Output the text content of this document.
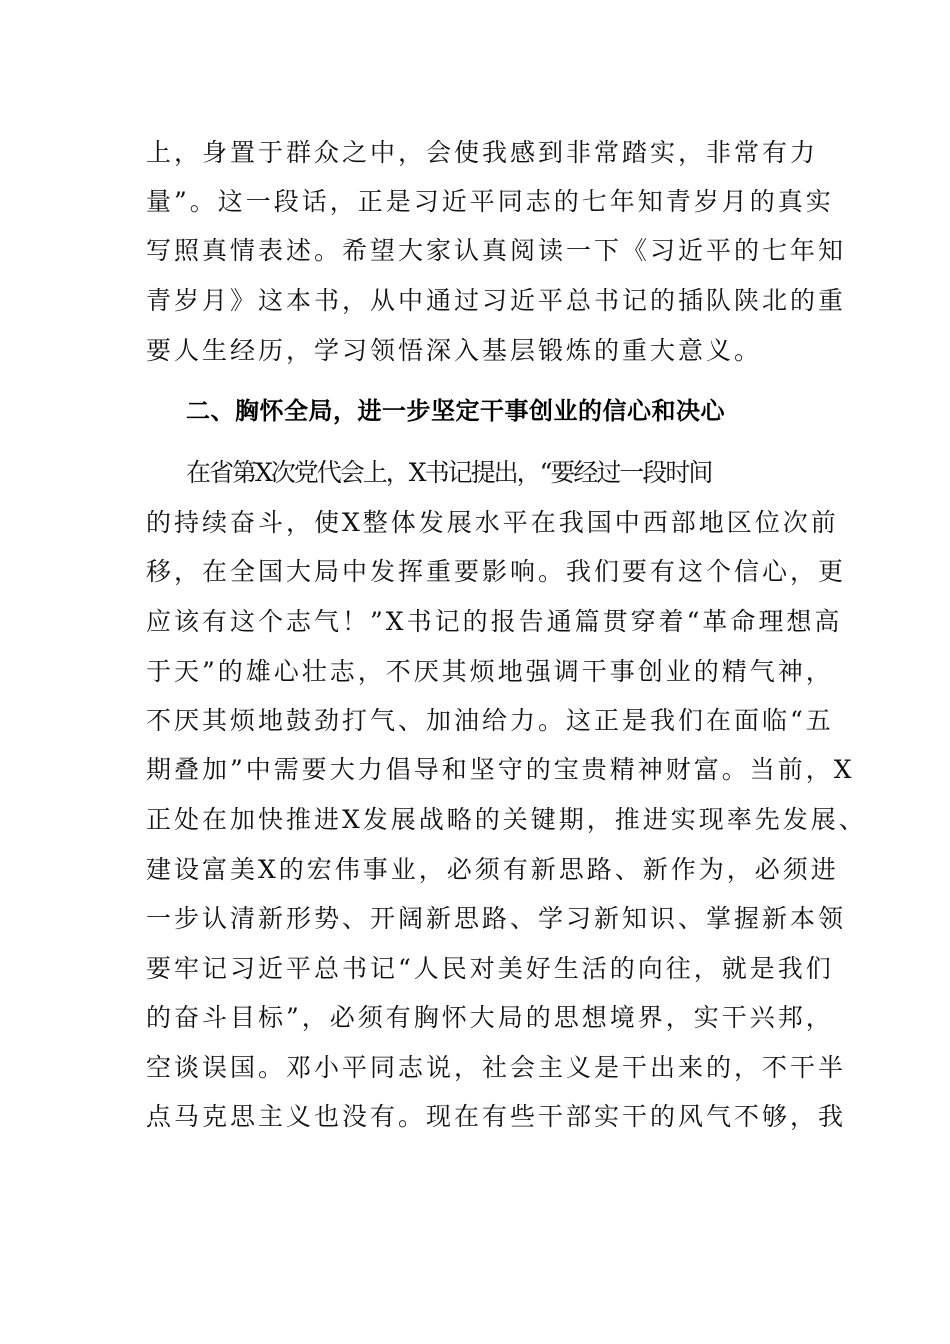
上，身置于群众之中，会使我感到非常踏实，非常有力
量”。这一段话，正是习近平同志的七年知青岁月的真实
写照真情表述。希望大家认真阅读一下《习近平的七年知
青岁月》这本书，从中通过习近平总书记的插队陕北的重
要人生经历，学习领悟深入基层锻炼的重大意义。
二、胸怀全局，进一步坚定干事创业的信心和决心
在省第X次党代会上，X书记提出，“要经过一段时间
的持续奋斗，使X整体发展水平在我国中西部地区位次前
移，在全国大局中发挥重要影响。我们要有这个信心，更
应该有这个志气！”X书记的报告通篇贯穿着“革命理想高
于天”的雄心壮志，不厌其烦地强调干事创业的精气神，
不厌其烦地鼓劲打气、加油给力。这正是我们在面临“五
期叠加”中需要大力倡导和坚守的宝贵精神财富。当前，X
正处在加快推进X发展战略的关键期，推进实现率先发展、
建设富美X的宏伟事业，必须有新思路、新作为，必须进
一步认清新形势、开阔新思路、学习新知识、掌握新本领
要牢记习近平总书记“人民对美好生活的向往，就是我们
的奋斗目标”，必须有胸怀大局的思想境界，实干兴邦，
空谈误国。邓小平同志说，社会主义是干出来的，不干半
点马克思主义也没有。现在有些干部实干的风气不够，我
